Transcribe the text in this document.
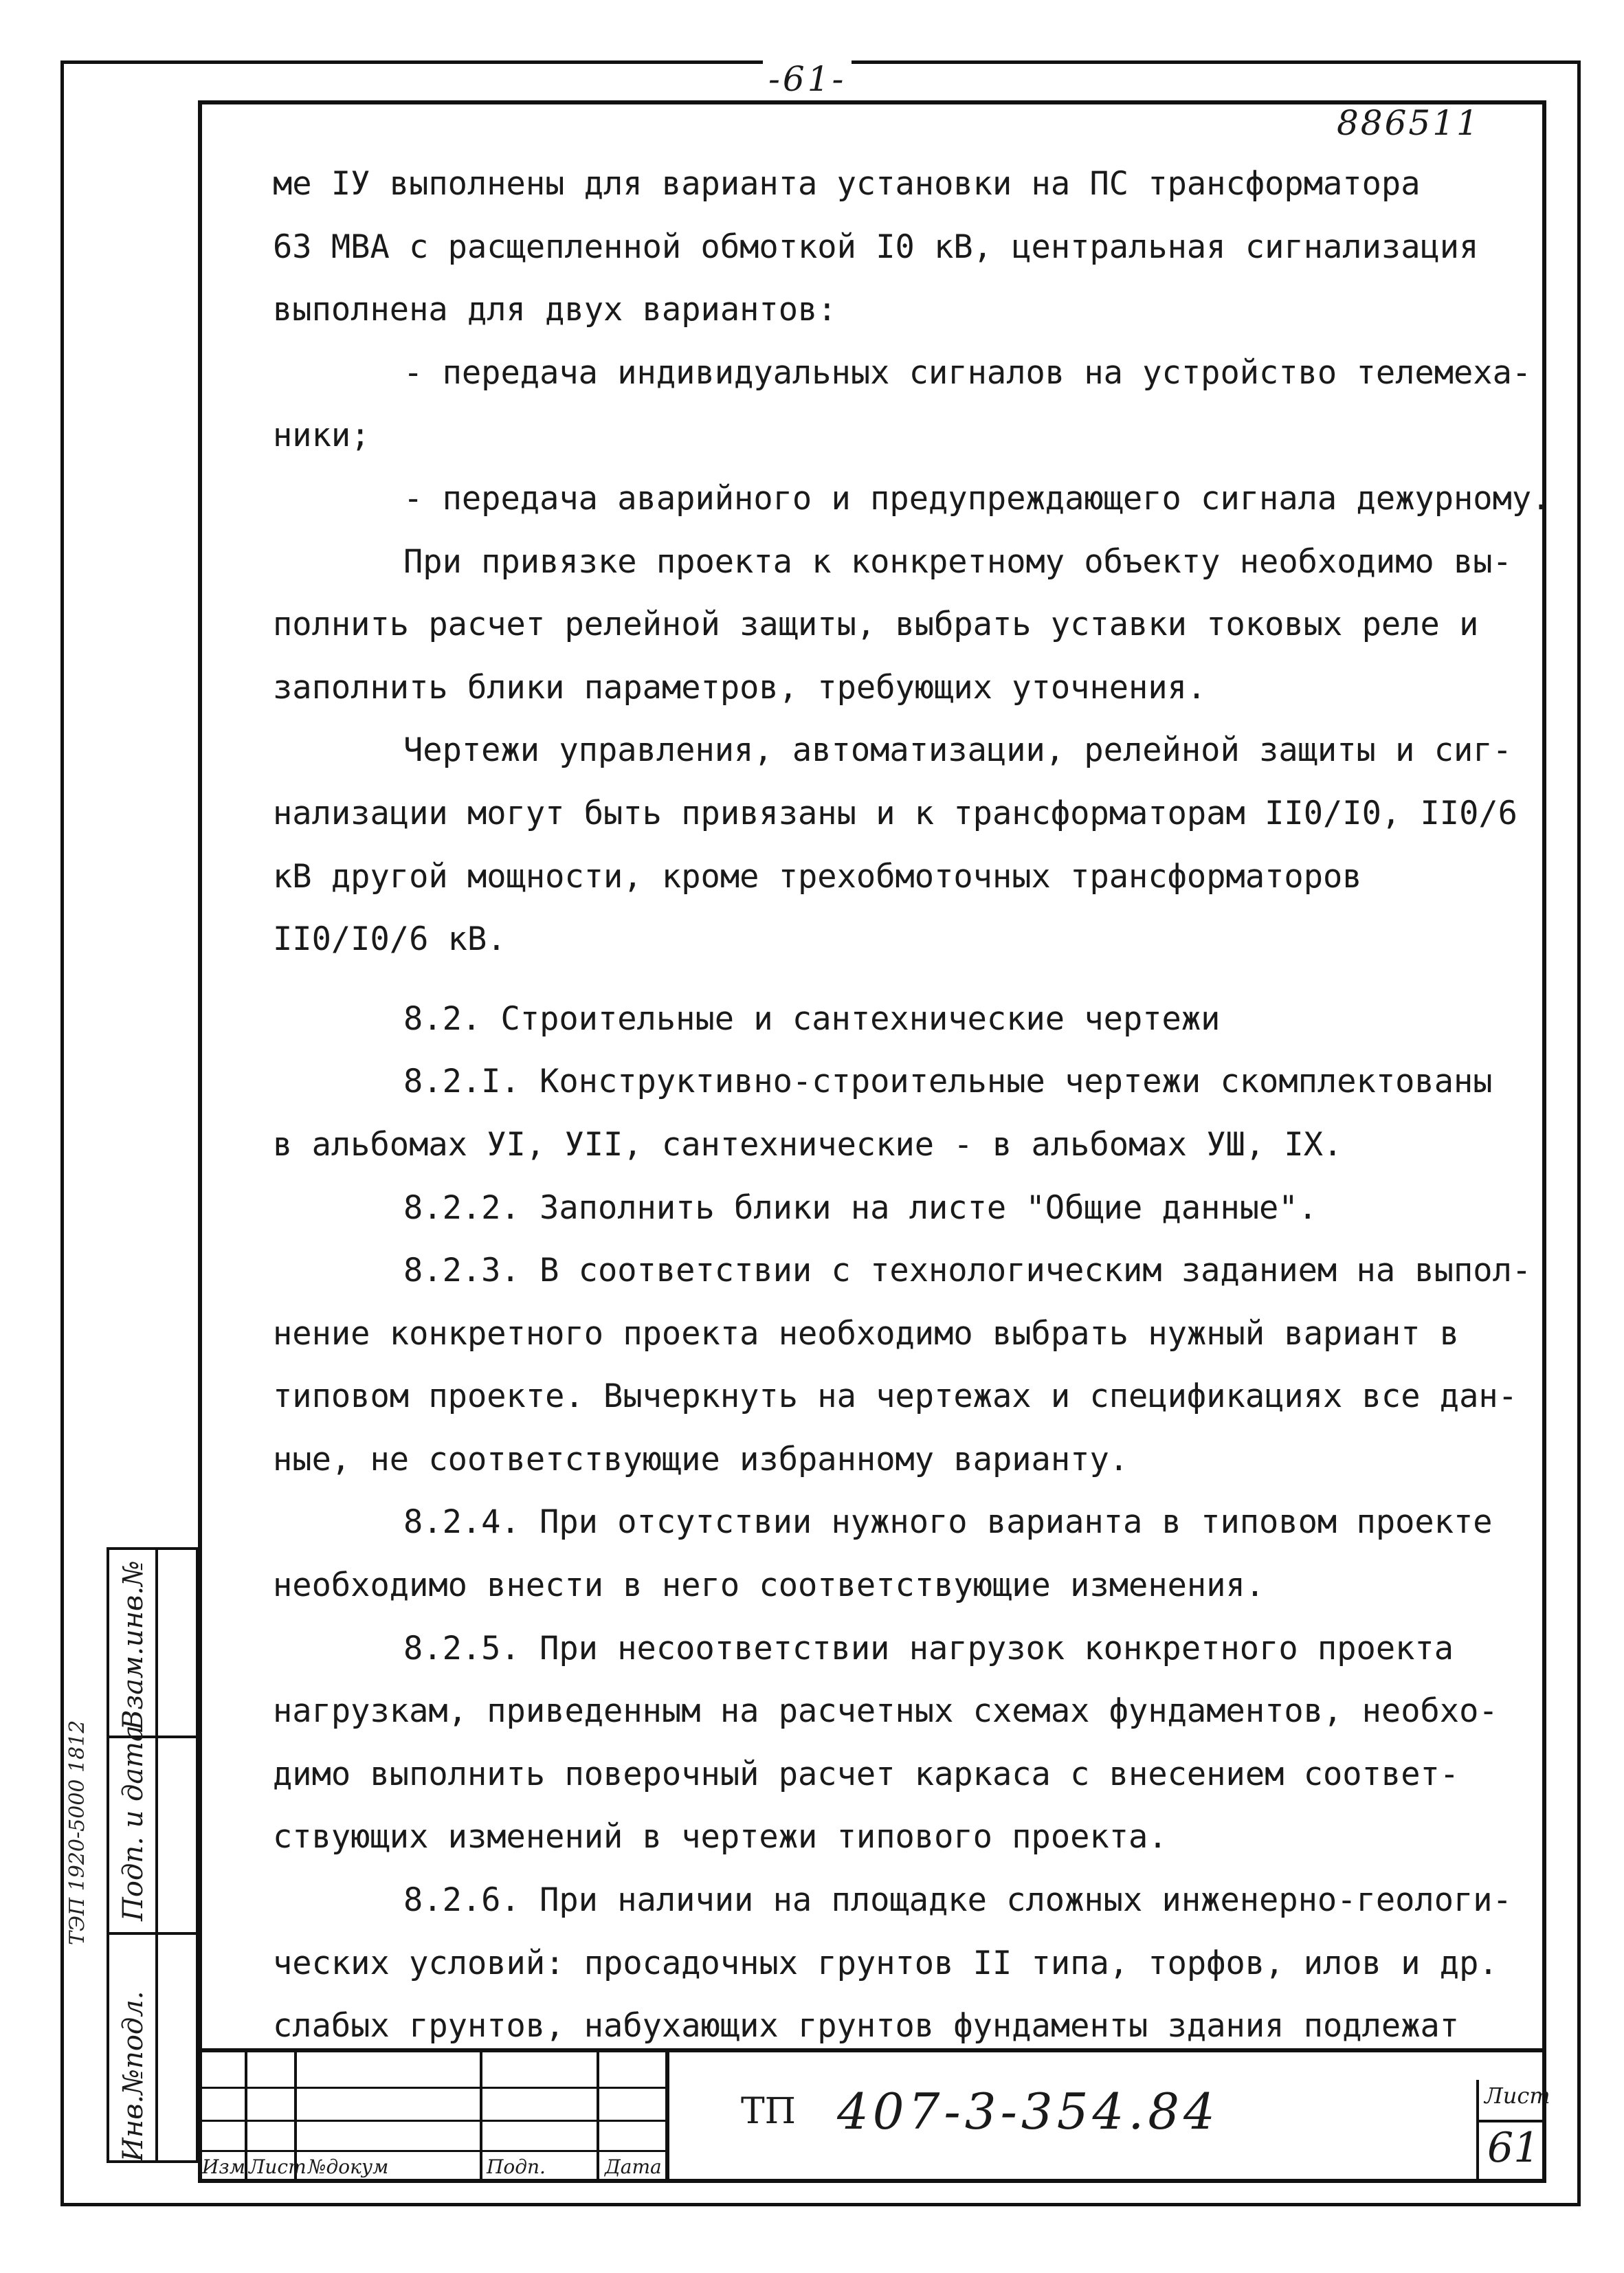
-61-
886511
ме IУ выполнены для варианта установки на ПС трансформатора
63 МВА с расщепленной обмоткой I0 кВ, центральная сигнализация
выполнена для двух вариантов:
- передача индивидуальных сигналов на устройство телемеха-
ники;
- передача аварийного и предупреждающего сигнала дежурному.
При привязке проекта к конкретному объекту необходимо вы-
полнить расчет релейной защиты, выбрать уставки токовых реле и
заполнить блики параметров, требующих уточнения.
Чертежи управления, автоматизации, релейной защиты и сиг-
нализации могут быть привязаны и к трансформаторам II0/I0, II0/6
кВ другой мощности, кроме трехобмоточных трансформаторов
II0/I0/6 кВ.
8.2. Строительные и сантехнические чертежи
8.2.I. Конструктивно-строительные чертежи скомплектованы
в альбомах УI, УII, сантехнические - в альбомах УШ, IX.
8.2.2. Заполнить блики на листе "Общие данные".
8.2.3. В соответствии с технологическим заданием на выпол-
нение конкретного проекта необходимо выбрать нужный вариант в
типовом проекте. Вычеркнуть на чертежах и спецификациях все дан-
ные, не соответствующие избранному варианту.
8.2.4. При отсутствии нужного варианта в типовом проекте
необходимо внести в него соответствующие изменения.
8.2.5. При несоответствии нагрузок конкретного проекта
нагрузкам, приведенным на расчетных схемах фундаментов, необхо-
димо выполнить поверочный расчет каркаса с внесением соответ-
ствующих изменений в чертежи типового проекта.
8.2.6. При наличии на площадке сложных инженерно-геологи-
ческих условий: просадочных грунтов II типа, торфов, илов и др.
слабых грунтов, набухающих грунтов фундаменты здания подлежат
Инв.№подл.
Подп. и дата
Взам.инв.№
ТЭП 1920-5000 1812
Изм Лист №докум	Подп.	Дата
ТП 407-3-354.84	Лист
61
